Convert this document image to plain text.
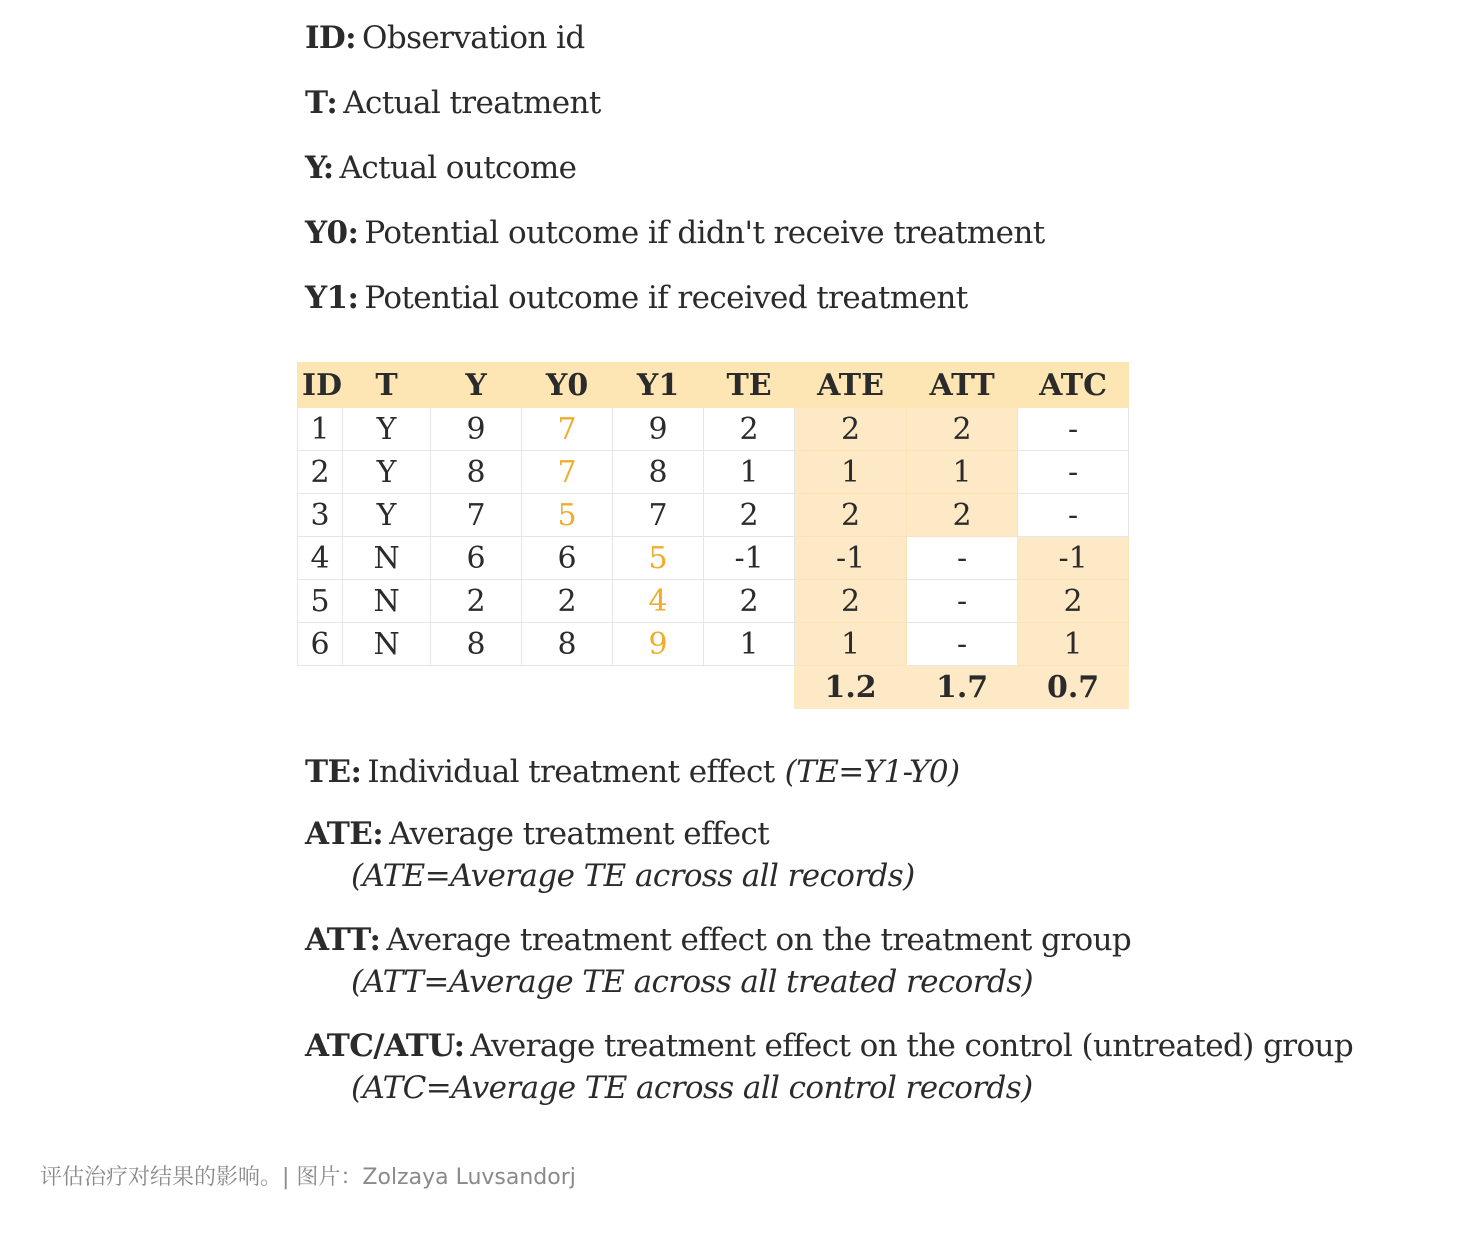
ID: Observation id
T: Actual treatment
Y: Actual outcome
Y0: Potential outcome if didn't receive treatment
Y1: Potential outcome if received treatment
ID	T	Y	Y0	Y1	TE	ATE	ATT	ATC
1	Y	9	7	9	2	2	2	-
2	Y	8	7	8	1	1	1	-
3	Y	7	5	7	2	2	2	-
4	N	6	6	5	-1	-1	-	-1
5	N	2	2	4	2	2	-	2
6	N	8	8	9	1	1	-	1
						1.2	1.7	0.7
TE: Individual treatment effect (TE=Y1-Y0)
ATE: Average treatment effect
(ATE=Average TE across all records)
ATT: Average treatment effect on the treatment group
(ATT=Average TE across all treated records)
ATC/ATU: Average treatment effect on the control (untreated) group
(ATC=Average TE across all control records)
评估治疗对结果的影响。| 图片：Zolzaya Luvsandorj
